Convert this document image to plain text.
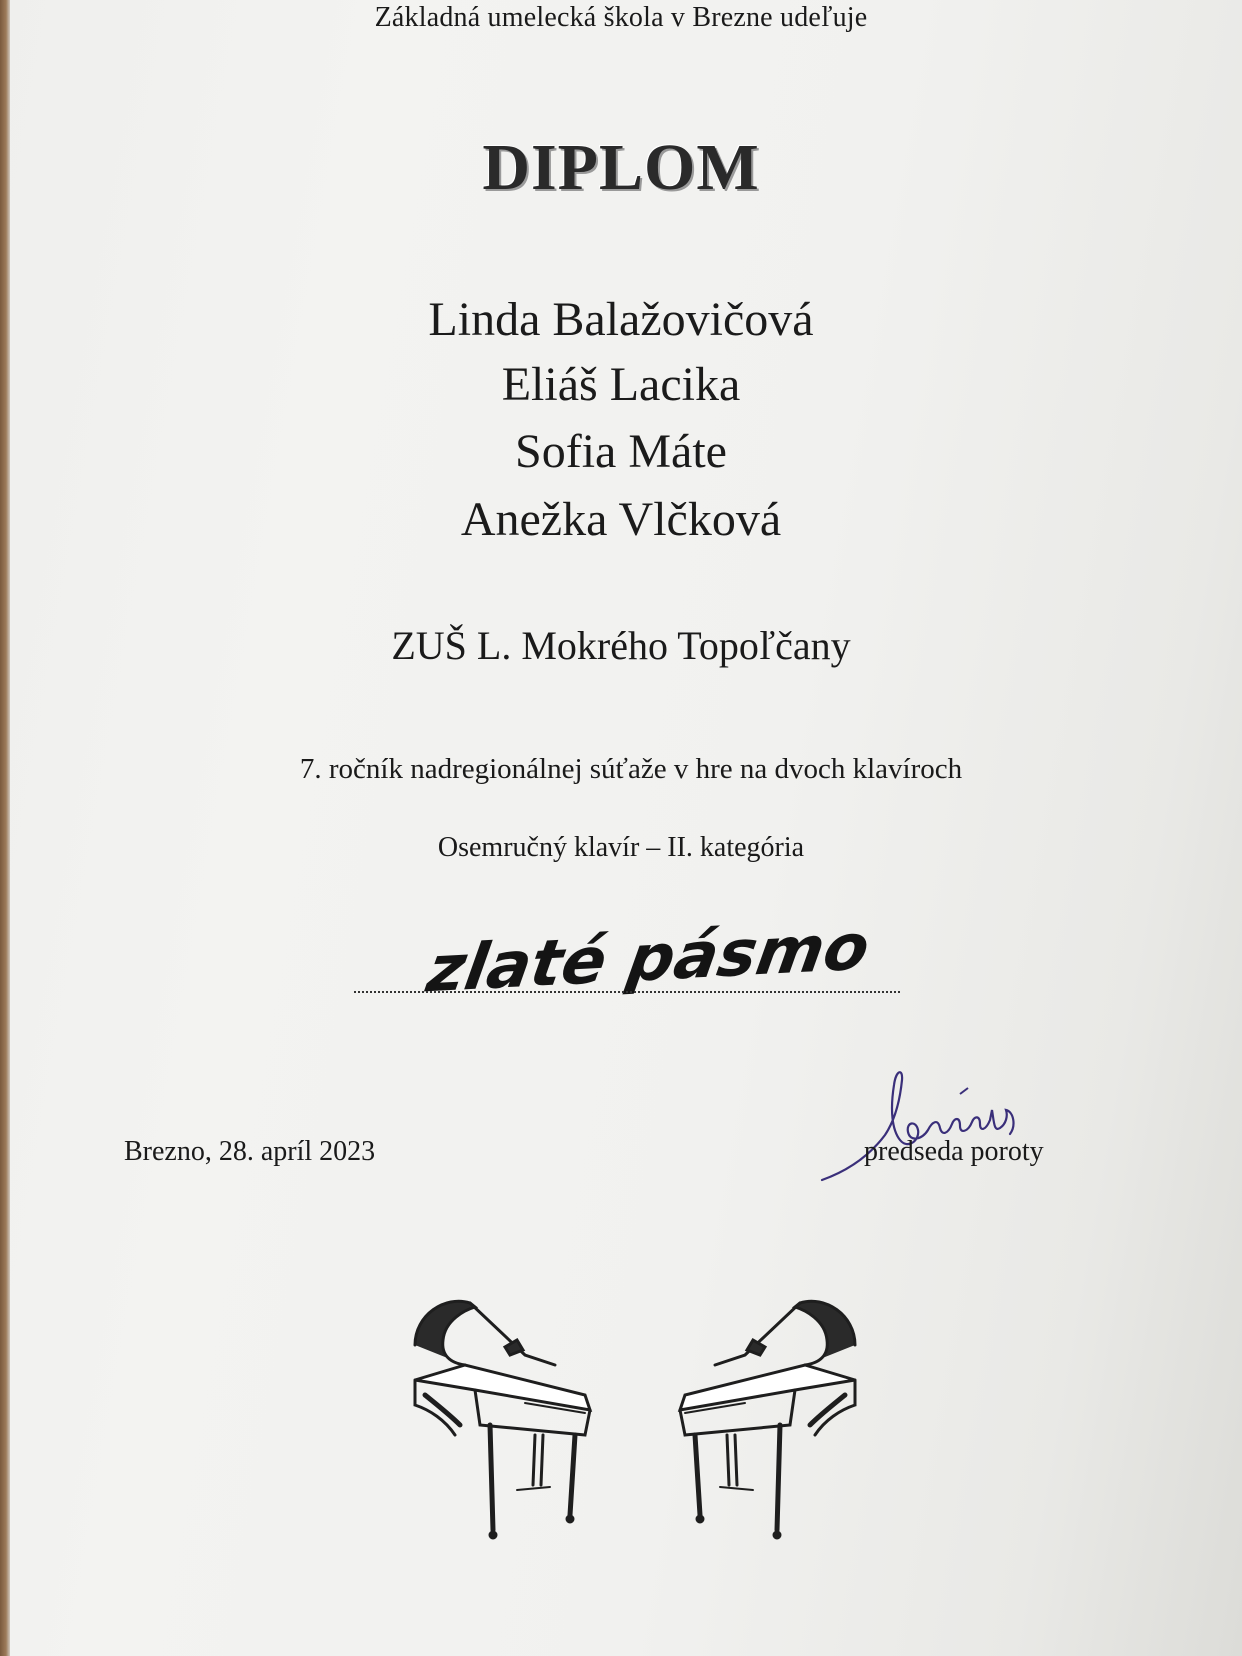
Základná umelecká škola v Brezne udeľuje
DIPLOM
Linda Balažovičová
Eliáš Lacika
Sofia Máte
Anežka Vlčková
ZUŠ L. Mokrého Topoľčany
7. ročník nadregionálnej súťaže v hre na dvoch klavíroch
Osemručný klavír – II. kategória
zlaté pásmo
Brezno, 28. apríl 2023	predseda poroty
